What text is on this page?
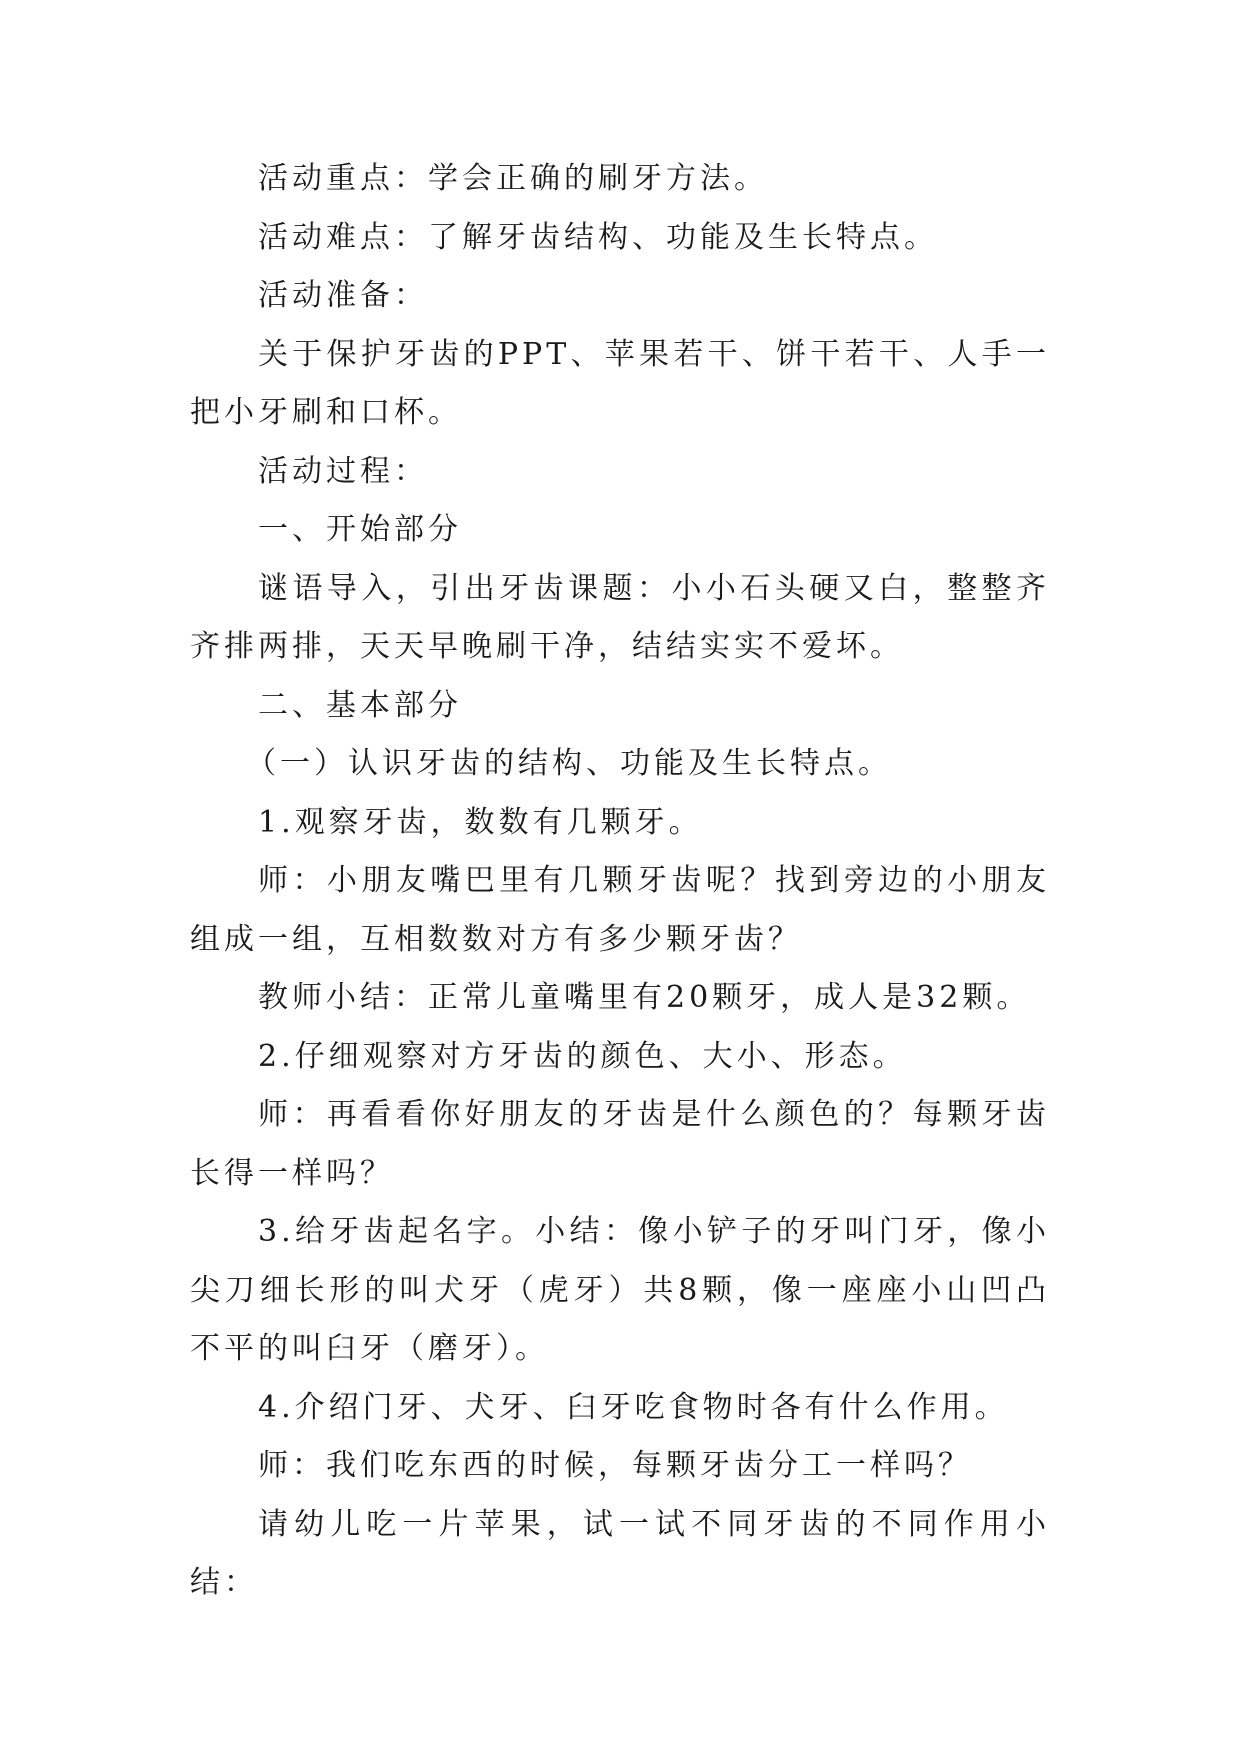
活动重点：学会正确的刷牙方法。

活动难点：了解牙齿结构、功能及生长特点。

活动准备：

关于保护牙齿的PPT、苹果若干、饼干若干、人手一把小牙刷和口杯。

活动过程：

一、开始部分

谜语导入，引出牙齿课题：小小石头硬又白，整整齐齐排两排，天天早晚刷干净，结结实实不爱坏。

二、基本部分

（一）认识牙齿的结构、功能及生长特点。

1.观察牙齿，数数有几颗牙。

师：小朋友嘴巴里有几颗牙齿呢？找到旁边的小朋友组成一组，互相数数对方有多少颗牙齿？

教师小结：正常儿童嘴里有20颗牙，成人是32颗。

2.仔细观察对方牙齿的颜色、大小、形态。

师：再看看你好朋友的牙齿是什么颜色的？每颗牙齿长得一样吗？

3.给牙齿起名字。小结：像小铲子的牙叫门牙，像小尖刀细长形的叫犬牙（虎牙）共8颗，像一座座小山凹凸不平的叫臼牙（磨牙）。

4.介绍门牙、犬牙、臼牙吃食物时各有什么作用。

师：我们吃东西的时候，每颗牙齿分工一样吗？

请幼儿吃一片苹果，试一试不同牙齿的不同作用小结：
